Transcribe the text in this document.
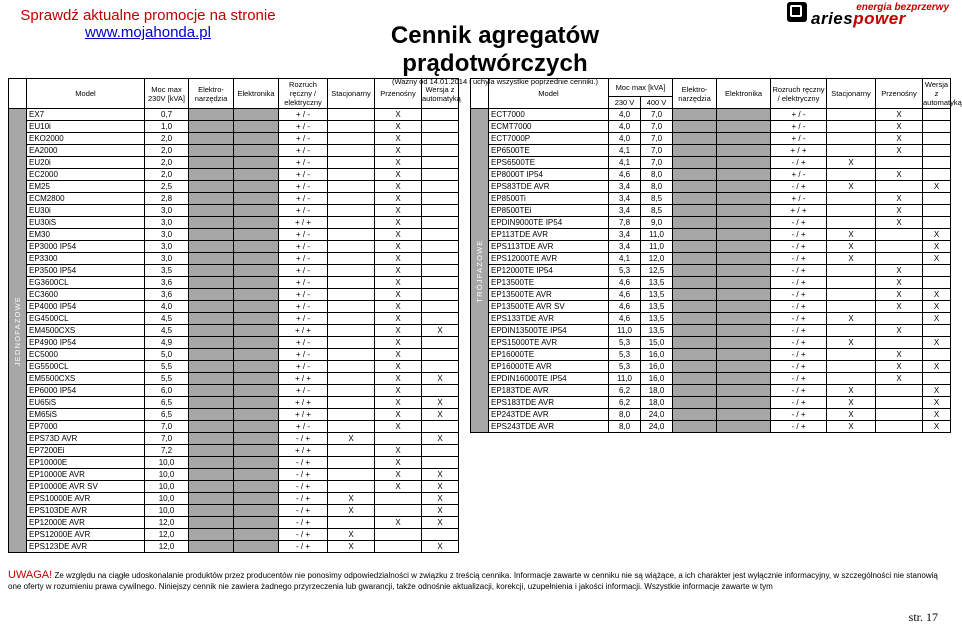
Sprawdź aktualne promocje na stronie
www.mojahonda.pl	Cennik agregatów prądotwórczych
(Ważny od 14.01.2014 i uchyla wszystkie poprzednie cenniki.)
energia bezprzerwy
ariespower
	Model	Moc max 230V [kVA]	Elektro-narzędzia	Elektronika	Rozruch ręczny / elektryczny	Stacjonarny	Przenośny	Wersja z automatyką

JEDNOFAZOWE	EX7	0,7			+ / -		X	
	EU10i	1,0			+ / -		X	
	EKO2000	2,0			+ / -		X	
	EA2000	2,0			+ / -		X	
	EU20i	2,0			+ / -		X	
	EC2000	2,0			+ / -		X	
	EM25	2,5			+ / -		X	
	ECM2800	2,8			+ / -		X	
	EU30i	3,0			+ / -		X	
	EU30iS	3,0			+ / +		X	
	EM30	3,0			+ / -		X	
	EP3000 IP54	3,0			+ / -		X	
	EP3300	3,0			+ / -		X	
	EP3500 IP54	3,5			+ / -		X	
	EG3600CL	3,6			+ / -		X	
	EC3600	3,6			+ / -		X	
	EP4000 IP54	4,0			+ / -		X	
	EG4500CL	4,5			+ / -		X	
	EM4500CXS	4,5			+ / +		X	X
	EP4900 IP54	4,9			+ / -		X	
	EC5000	5,0			+ / -		X	
	EG5500CL	5,5			+ / -		X	
	EM5500CXS	5,5			+ / +		X	X
	EP6000 IP54	6,0			+ / -		X	
	EU65iS	6,5			+ / +		X	X
	EM65iS	6,5			+ / +		X	X
	EP7000	7,0			+ / -		X	
	EPS73D AVR	7,0			- / +	X		X
	EP7200Ei	7,2			+ / +		X	
	EP10000E	10,0			- / +		X	
	EP10000E AVR	10,0			- / +		X	X
	EP10000E AVR SV	10,0			- / +		X	X
	EPS10000E AVR	10,0			- / +	X		X
	EPS103DE AVR	10,0			- / +	X		X
	EP12000E AVR	12,0			- / +		X	X
	EPS12000E AVR	12,0			- / +	X		
	EPS123DE AVR	12,0			- / +	X		X
	Model	Moc max [kVA]		Elektro-narzędzia	Elektronika	Rozruch ręczny / elektryczny	Stacjonarny	Przenośny	Wersja z automatyką
		230 V	400 V						

TRÓJFAZOWE	ECT7000	4,0	7,0			+ / -		X	
	ECMT7000	4,0	7,0			+ / -		X	
	ECT7000P	4,0	7,0			+ / -		X	
	EP6500TE	4,1	7,0			+ / +		X	
	EPS6500TE	4,1	7,0			- / +	X		
	EP8000T IP54	4,6	8,0			+ / -		X	
	EPS83TDE AVR	3,4	8,0			- / +	X		X
	EP8500Ti	3,4	8,5			+ / -		X	
	EP8500TEi	3,4	8,5			+ / +		X	
	EPDIN9000TE IP54	7,8	9,0			- / +		X	
	EP113TDE AVR	3,4	11,0			- / +	X		X
	EPS113TDE AVR	3,4	11,0			- / +	X		X
	EPS12000TE AVR	4,1	12,0			- / +	X		X
	EP12000TE IP54	5,3	12,5			- / +		X	
	EP13500TE	4,6	13,5			- / +		X	
	EP13500TE AVR	4,6	13,5			- / +		X	X
	EP13500TE AVR SV	4,6	13,5			- / +		X	X
	EPS133TDE AVR	4,6	13,5			- / +	X		X
	EPDIN13500TE IP54	11,0	13,5			- / +		X	
	EPS15000TE AVR	5,3	15,0			- / +	X		X
	EP16000TE	5,3	16,0			- / +		X	
	EP16000TE AVR	5,3	16,0			- / +		X	X
	EPDIN16000TE IP54	11,0	16,0			- / +		X	
	EP183TDE AVR	6,2	18,0			- / +	X		X
	EPS183TDE AVR	6,2	18,0			- / +	X		X
	EP243TDE AVR	8,0	24,0			- / +	X		X
	EPS243TDE AVR	8,0	24,0			- / +	X		X
UWAGA! Ze względu na ciągłe udoskonalanie produktów przez producentów nie ponosimy odpowiedzialności w związku z treścią cennika. Informacje zawarte w cenniku nie są wiążące, a ich charakter jest wyłącznie informacyjny, w szczególności nie stanowią one oferty w rozumieniu prawa cywilnego. Niniejszy cennik nie zawiera żadnego przyrzeczenia lub gwarancji, także odnośnie aktualizacji, korekcji, uzupełnienia i jakości informacji. Wszystkie informacje zawarte w tym
str. 17
